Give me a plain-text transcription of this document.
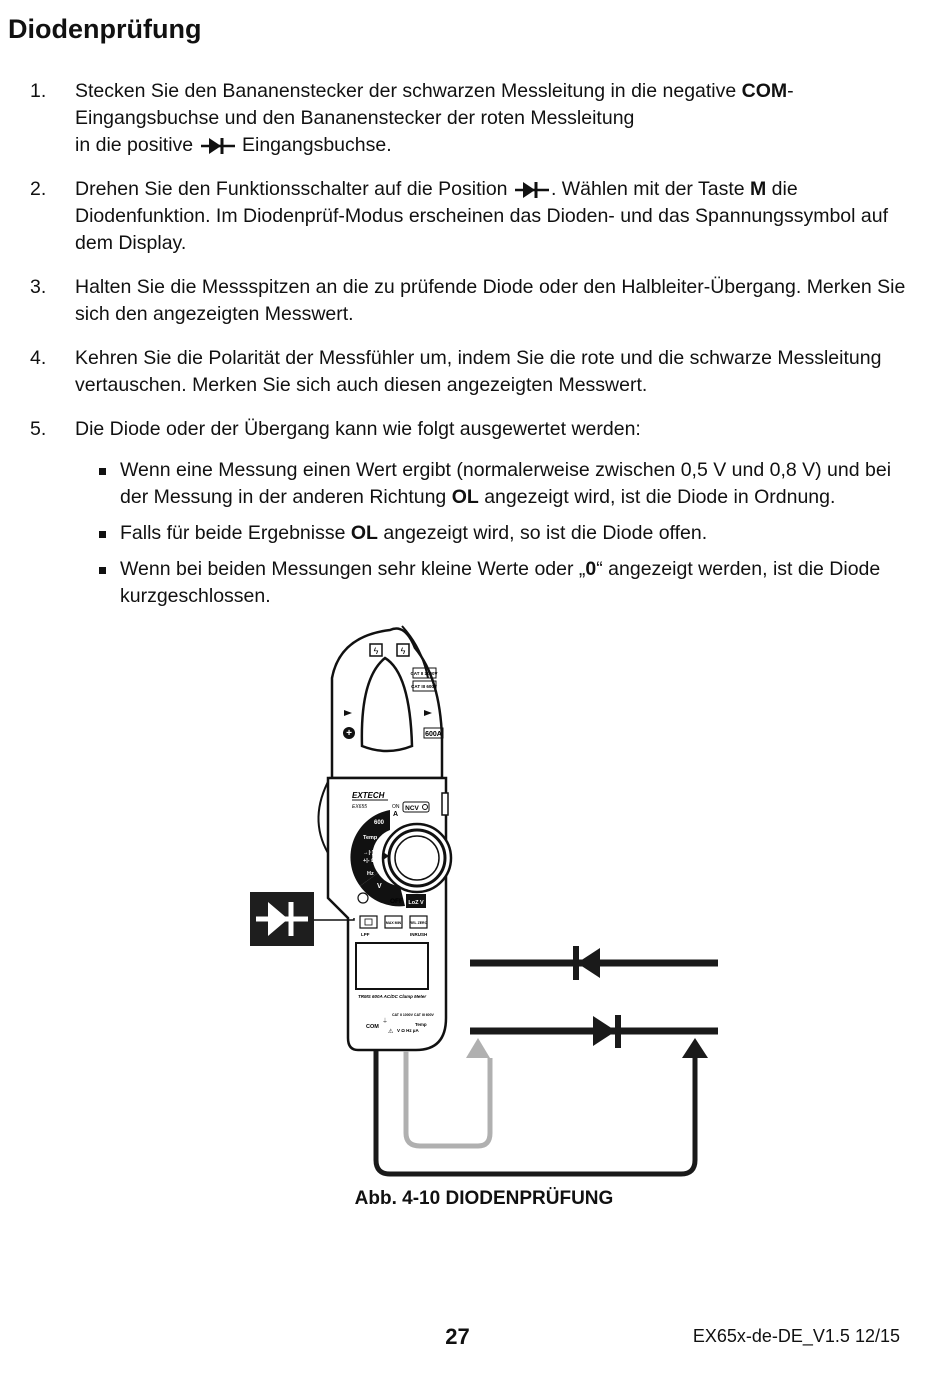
Diodenprüfung
1. Stecken Sie den Bananenstecker der schwarzen Messleitung in die negative COM-Eingangsbuchse und den Bananenstecker der roten Messleitung
in die positive	Eingangsbuchse.
2. Drehen Sie den Funktionsschalter auf die Position . Wählen mit der Taste M die Diodenfunktion. Im Diodenprüf-Modus erscheinen das Dioden- und das Spannungssymbol auf dem Display.
3. Halten Sie die Messspitzen an die zu prüfende Diode oder den Halbleiter-Übergang. Merken Sie sich den angezeigten Messwert.
4. Kehren Sie die Polarität der Messfühler um, indem Sie die rote und die schwarze Messleitung vertauschen. Merken Sie sich auch diesen angezeigten Messwert.
5. Die Diode oder der Übergang kann wie folgt ausgewertet werden:
Wenn eine Messung einen Wert ergibt (normalerweise zwischen 0,5 V und 0,8 V) und bei der Messung in der anderen Richtung OL angezeigt wird, ist die Diode in Ordnung.
Falls für beide Ergebnisse OL angezeigt wird, so ist die Diode offen.
Wenn bei beiden Messungen sehr kleine Werte oder „0“ angezeigt werden, ist die Diode kurzgeschlossen.
ϟ ϟ
CAT II 1000V
CAT III 600V
+	600A
EXTECH
EX655	ON
A
NCV
600
Temp
→|·))
+|- Ω
Hz
V
OFF LoZ V
LPF
MAX MIN REL ZERO
INRUSH
TRMS 600A AC/DC Clamp Meter
CAT II 1000V CAT III 600V
COM
⏚
⚠
Temp
V Ω Hz µA
Abb. 4-10 DIODENPRÜFUNG
27	EX65x-de-DE_V1.5 12/15
